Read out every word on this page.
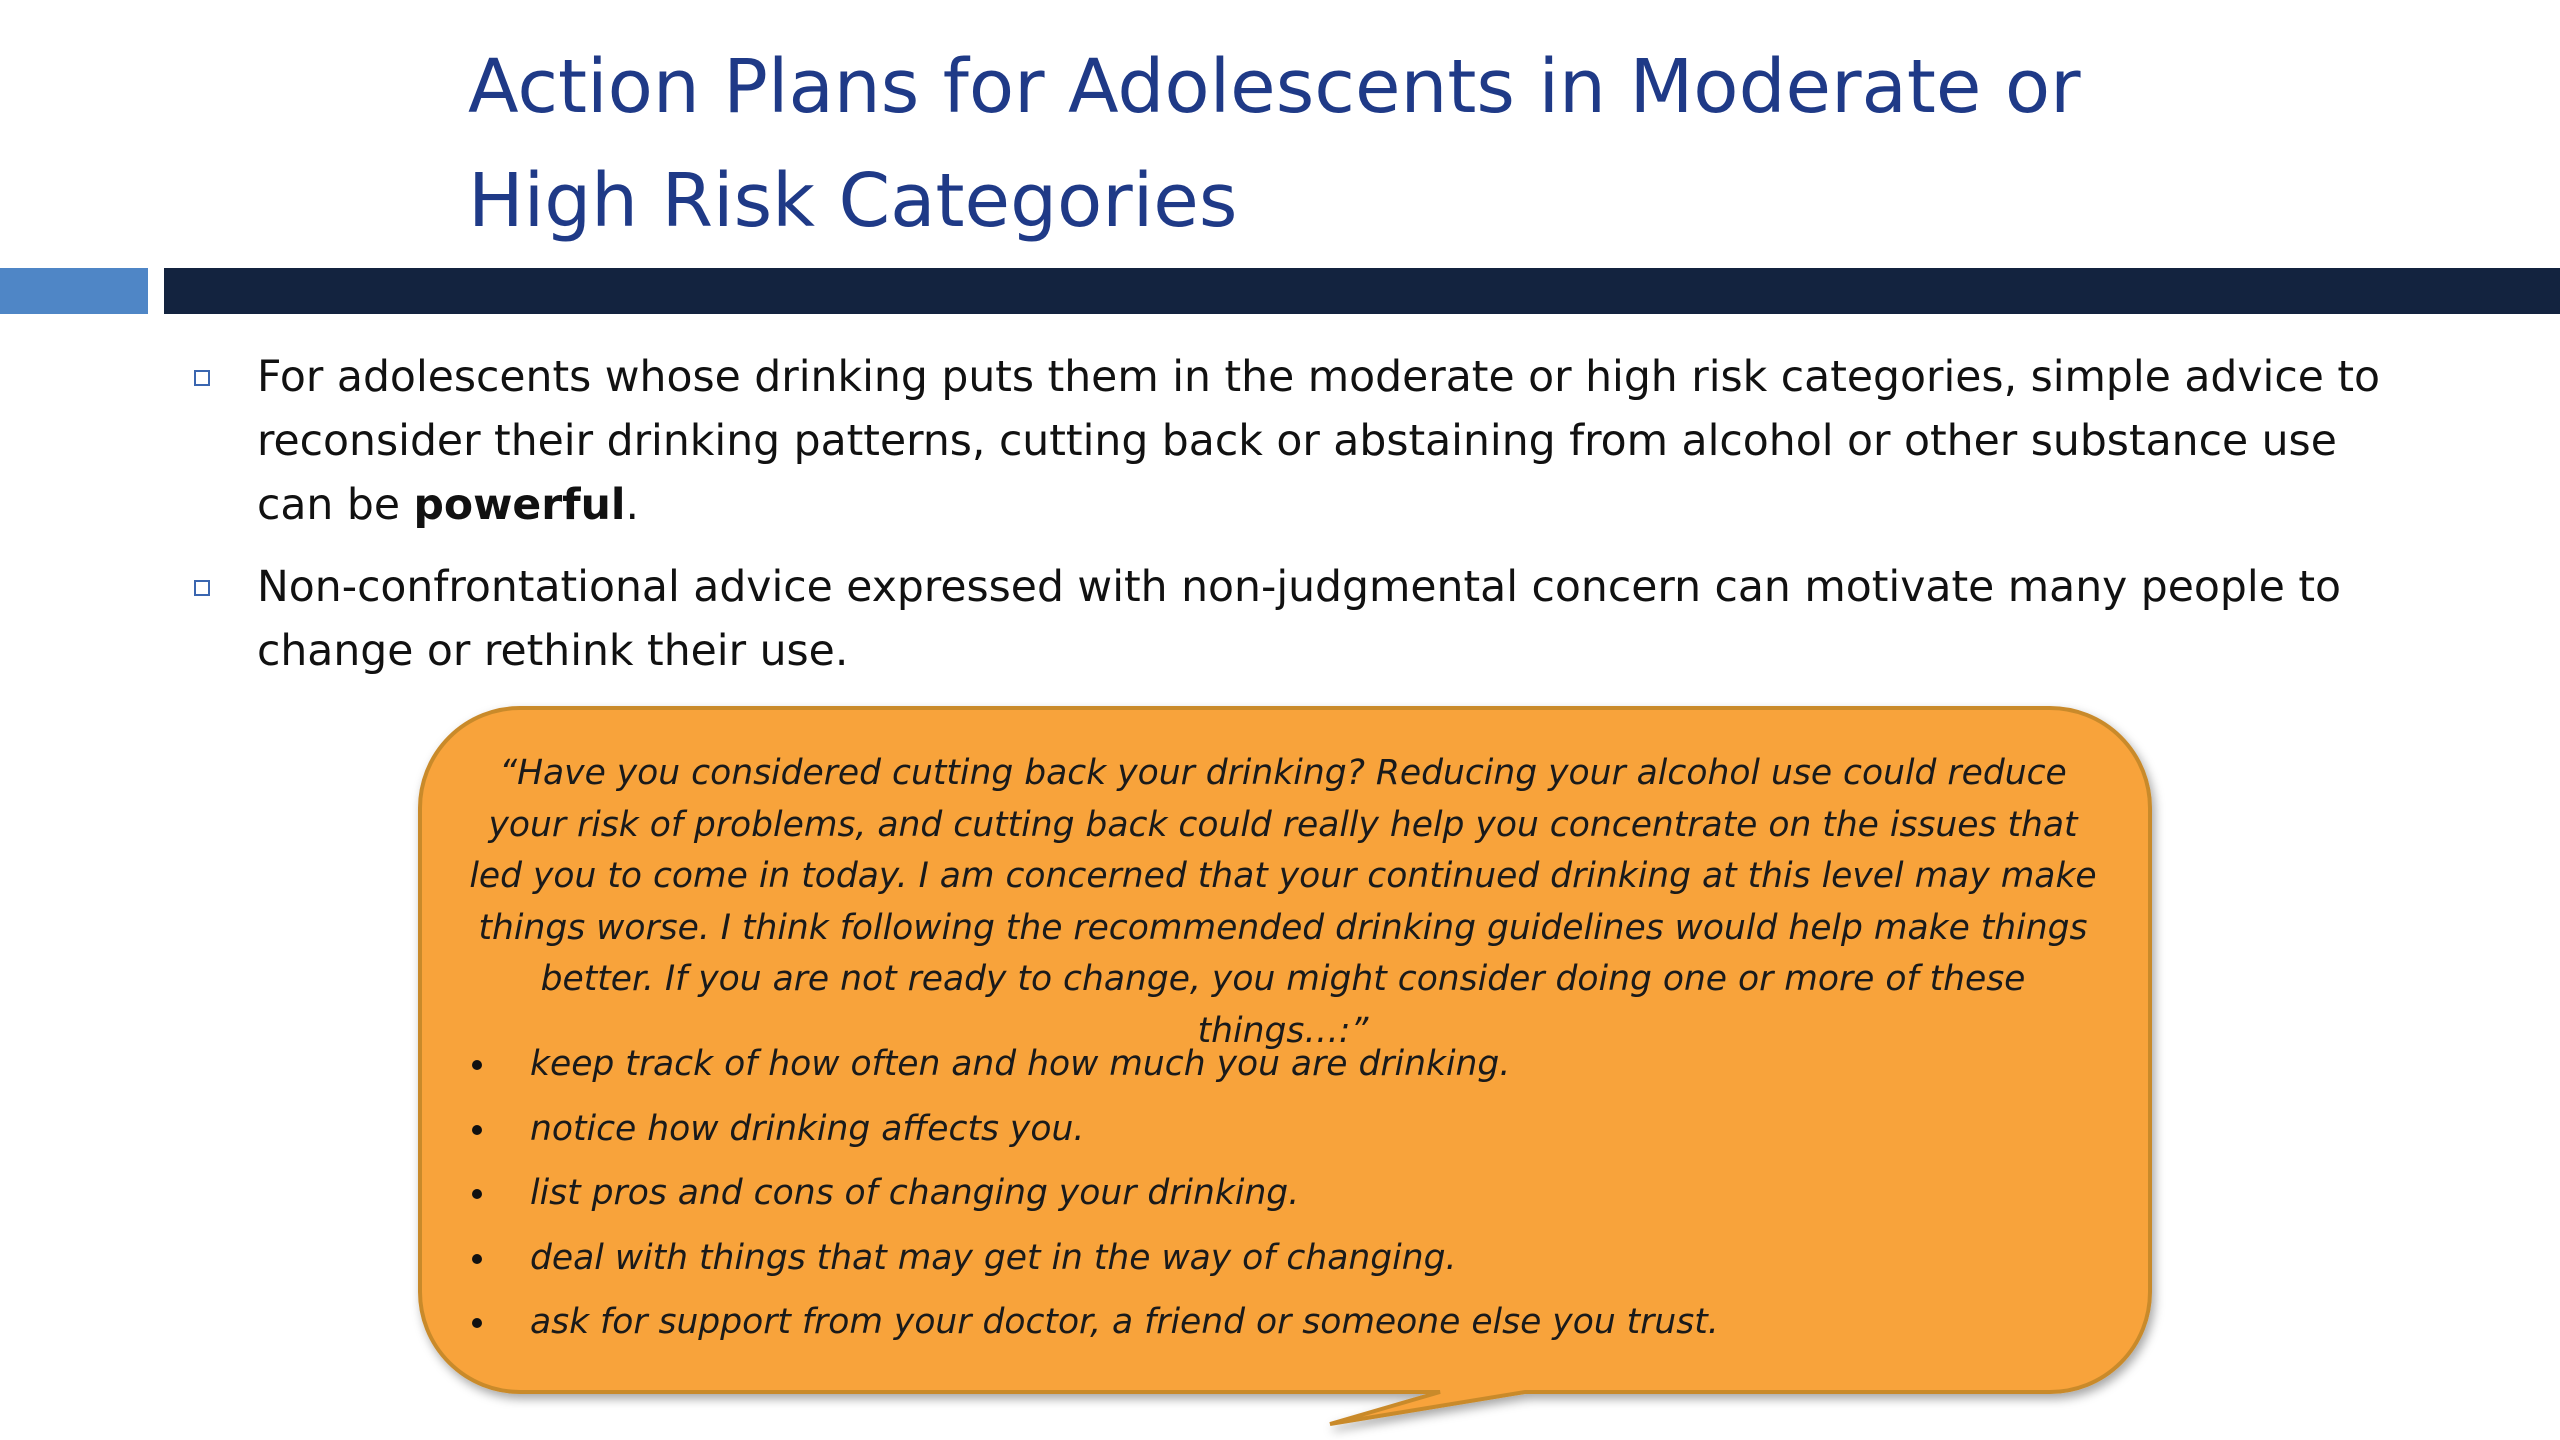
Action Plans for Adolescents in Moderate or
High Risk Categories
For adolescents whose drinking puts them in the moderate or high risk categories, simple advice to reconsider their drinking patterns, cutting back or abstaining from alcohol or other substance use can be powerful.
Non-confrontational advice expressed with non-judgmental concern can motivate many people to change or rethink their use.

“Have you considered cutting back your drinking? Reducing your alcohol use could reduce your risk of problems, and cutting back could really help you concentrate on the issues that led you to come in today. I am concerned that your continued drinking at this level may make things worse. I think following the recommended drinking guidelines would help make things better. If you are not ready to change, you might consider doing one or more of these things…:”

keep track of how often and how much you are drinking.
notice how drinking affects you.
list pros and cons of changing your drinking.
deal with things that may get in the way of changing.
ask for support from your doctor, a friend or someone else you trust.
